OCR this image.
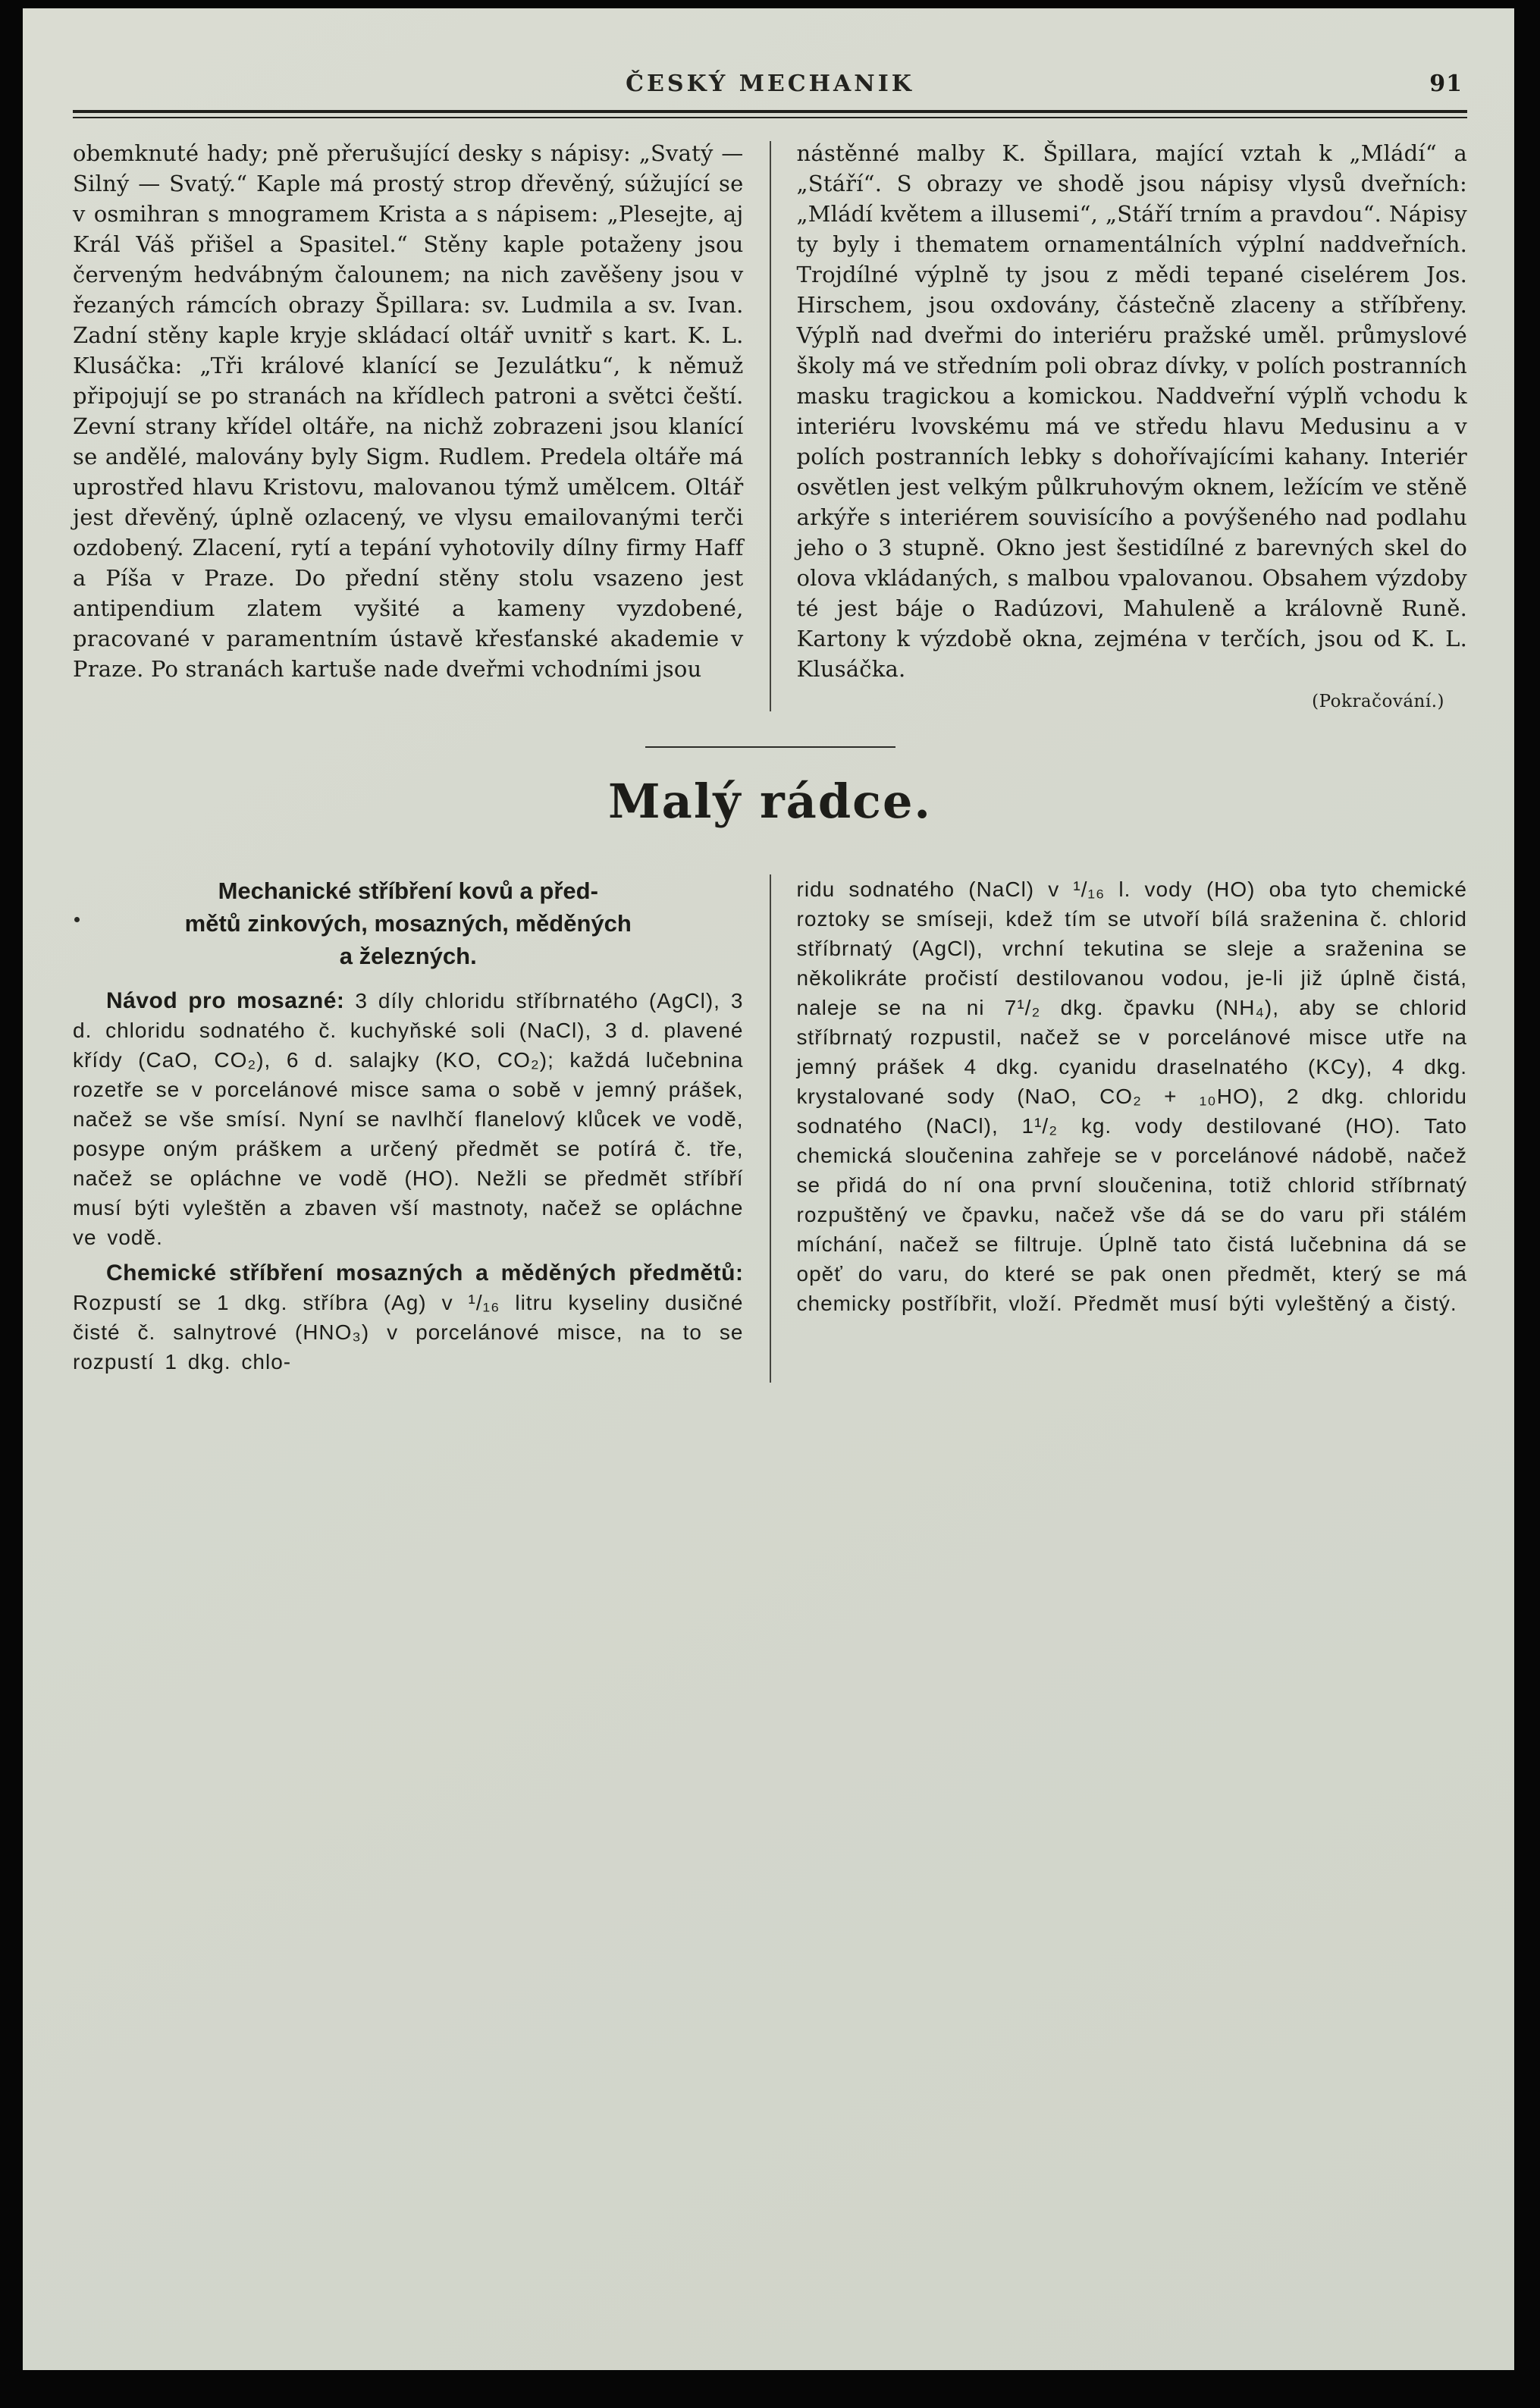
ČESKÝ MECHANIK	91

obemknuté hady; pně přerušující desky s nápisy: „Svatý — Silný — Svatý.“ Kaple má prostý strop dřevěný, súžující se v osmihran s mnogramem Krista a s nápisem: „Plesejte, aj Král Váš přišel a Spasitel.“ Stěny kaple potaženy jsou červeným hedvábným čalounem; na nich zavěšeny jsou v řezaných rámcích obrazy Špillara: sv. Ludmila a sv. Ivan. Zadní stěny kaple kryje skládací oltář uvnitř s kart. K. L. Klusáčka: „Tři králové klanící se Jezulátku“, k němuž připojují se po stranách na křídlech patroni a světci čeští. Zevní strany křídel oltáře, na nichž zobrazeni jsou klanící se andělé, malovány byly Sigm. Rudlem. Predela oltáře má uprostřed hlavu Kristovu, malovanou týmž umělcem. Oltář jest dřevěný, úplně ozlacený, ve vlysu emailovanými terči ozdobený. Zlacení, rytí a tepání vyhotovily dílny firmy Haff a Píša v Praze. Do přední stěny stolu vsazeno jest antipendium zlatem vyšité a kameny vyzdobené, pracované v paramentním ústavě křesťanské akademie v Praze. Po stranách kartuše nade dveřmi vchodními jsou

nástěnné malby K. Špillara, mající vztah k „Mládí“ a „Stáří“. S obrazy ve shodě jsou nápisy vlysů dveřních: „Mládí květem a illusemi“, „Stáří trním a pravdou“. Nápisy ty byly i thematem ornamentálních výplní naddveřních. Trojdílné výplně ty jsou z mědi tepané ciselérem Jos. Hirschem, jsou oxdovány, částečně zlaceny a stříbřeny. Výplň nad dveřmi do interiéru pražské uměl. průmyslové školy má ve středním poli obraz dívky, v polích postranních masku tragickou a komickou. Naddveřní výplň vchodu k interiéru lvovskému má ve středu hlavu Medusinu a v polích postranních lebky s dohořívajícími kahany. Interiér osvětlen jest velkým půlkruhovým oknem, ležícím ve stěně arkýře s interiérem souvisícího a povýšeného nad podlahu jeho o 3 stupně. Okno jest šestidílné z barevných skel do olova vkládaných, s malbou vpalovanou. Obsahem výzdoby té jest báje o Radúzovi, Mahuleně a královně Runě. Kartony k výzdobě okna, zejména v terčích, jsou od K. L. Klusáčka.

(Pokračování.)
Malý rádce.
Mechanické stříbření kovů a před-
mětů zinkových, mosazných, měděných
a železných.

Návod pro mosazné: 3 díly chloridu stříbrnatého (AgCl), 3 d. chloridu sodnatého č. kuchyňské soli (NaCl), 3 d. plavené křídy (CaO, CO₂), 6 d. salajky (KO, CO₂); každá lučebnina rozetře se v porcelánové misce sama o sobě v jemný prášek, načež se vše smísí. Nyní se navlhčí flanelový klůcek ve vodě, posype oným práškem a určený předmět se potírá č. tře, načež se opláchne ve vodě (HO). Nežli se předmět stříbří musí býti vyleštěn a zbaven vší mastnoty, načež se opláchne ve vodě.

Chemické stříbření mosazných a měděných předmětů: Rozpustí se 1 dkg. stříbra (Ag) v ¹/₁₆ litru kyseliny dusičné čisté č. salnytrové (HNO₃) v porcelánové misce, na to se rozpustí 1 dkg. chlo-

ridu sodnatého (NaCl) v ¹/₁₆ l. vody (HO) oba tyto chemické roztoky se smíseji, kdež tím se utvoří bílá sraženina č. chlorid stříbrnatý (AgCl), vrchní tekutina se sleje a sraženina se několikráte pročistí destilovanou vodou, je-li již úplně čistá, naleje se na ni 7¹/₂ dkg. čpavku (NH₄), aby se chlorid stříbrnatý rozpustil, načež se v porcelánové misce utře na jemný prášek 4 dkg. cyanidu draselnatého (KCy), 4 dkg. krystalované sody (NaO, CO₂ + ₁₀HO), 2 dkg. chloridu sodnatého (NaCl), 1¹/₂ kg. vody destilované (HO). Tato chemická sloučenina zahřeje se v porcelánové nádobě, načež se přidá do ní ona první sloučenina, totiž chlorid stříbrnatý rozpuštěný ve čpavku, načež vše dá se do varu při stálém míchání, načež se filtruje. Úplně tato čistá lučebnina dá se opěť do varu, do které se pak onen předmět, který se má chemicky postříbřit, vloží. Předmět musí býti vyleštěný a čistý.
